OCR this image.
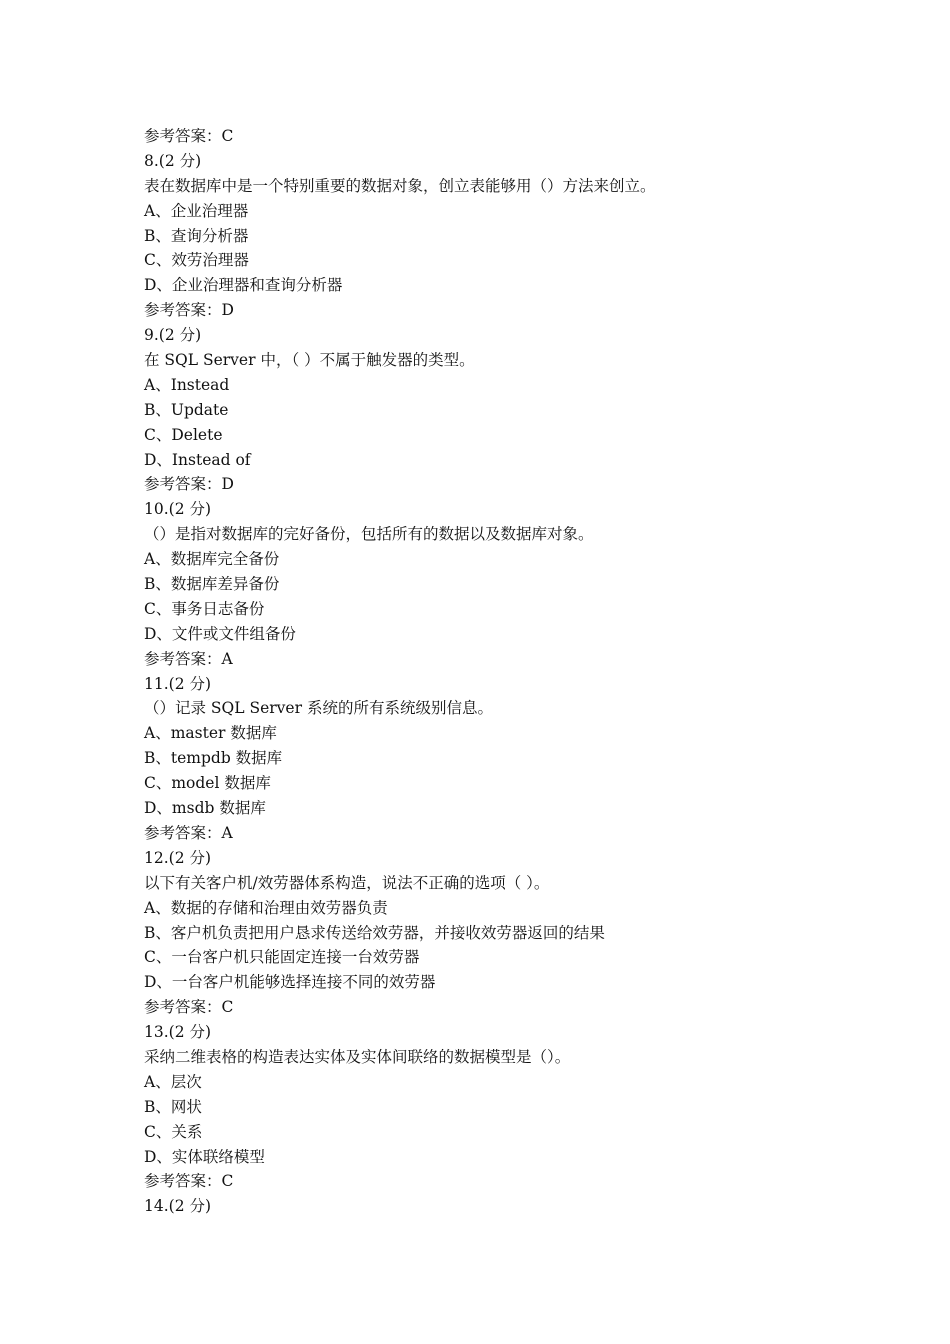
参考答案：C
8.(2 分)
表在数据库中是一个特别重要的数据对象，创立表能够用（）方法来创立。
A、企业治理器
B、查询分析器
C、效劳治理器
D、企业治理器和查询分析器
参考答案：D
9.(2 分)
在 SQL Server 中，（ ）不属于触发器的类型。
A、Instead
B、Update
C、Delete
D、Instead of
参考答案：D
10.(2 分)
（）是指对数据库的完好备份，包括所有的数据以及数据库对象。
A、数据库完全备份
B、数据库差异备份
C、事务日志备份
D、文件或文件组备份
参考答案：A
11.(2 分)
（）记录 SQL Server 系统的所有系统级别信息。
A、master 数据库
B、tempdb 数据库
C、model 数据库
D、msdb 数据库
参考答案：A
12.(2 分)
以下有关客户机/效劳器体系构造，说法不正确的选项（ ）。
A、数据的存储和治理由效劳器负责
B、客户机负责把用户恳求传送给效劳器，并接收效劳器返回的结果
C、一台客户机只能固定连接一台效劳器
D、一台客户机能够选择连接不同的效劳器
参考答案：C
13.(2 分)
采纳二维表格的构造表达实体及实体间联络的数据模型是（）。
A、层次
B、网状
C、关系
D、实体联络模型
参考答案：C
14.(2 分)
